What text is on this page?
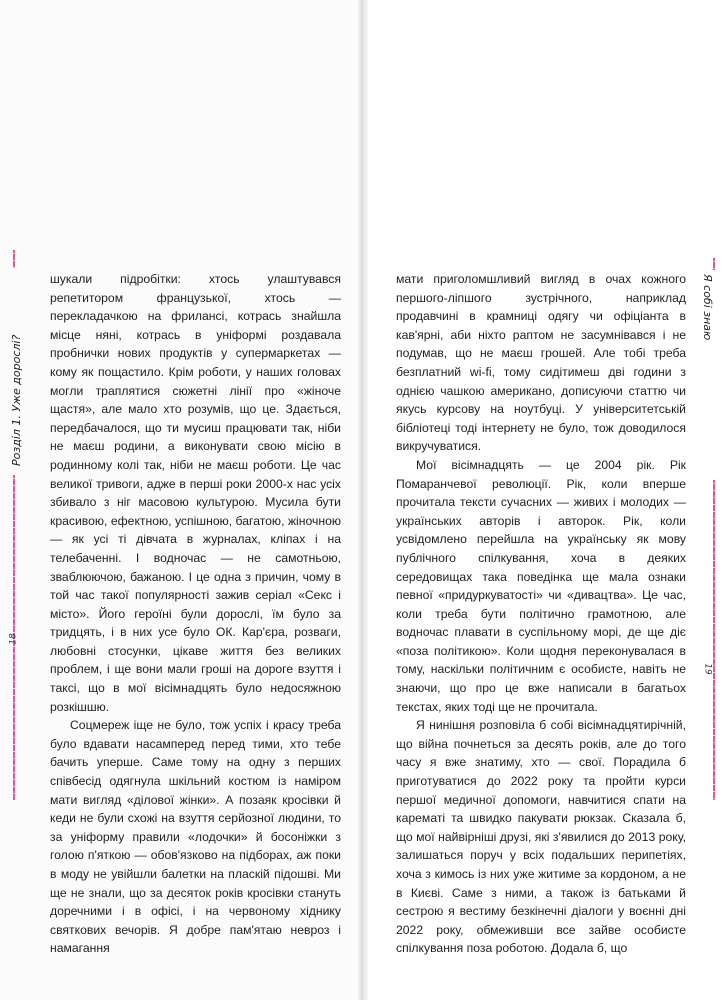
Розділ 1. Уже дорослі?
Я собі знаю
18
19

шукали підробітки: хтось улаштувався репетитором французької, хтось — перекладачкою на фрилансі, котрась знайшла місце няні, котрась в уніформі роздавала пробнички нових продуктів у супермаркетах — кому як пощастило. Крім роботи, у наших головах могли траплятися сюжетні лінії про «жіноче щастя», але мало хто розумів, що це. Здається, передбачалося, що ти мусиш працювати так, ніби не маєш родини, а виконувати свою місію в родинному колі так, ніби не маєш роботи. Це час великої тривоги, адже в перші роки 2000-х нас усіх збивало з ніг масовою культурою. Мусила бути красивою, ефектною, успішною, багатою, жіночною — як усі ті дівчата в журналах, кліпах і на телебаченні. І водночас — не самотньою, зваблюючою, бажаною. І це одна з причин, чому в той час такої популярності зажив серіал «Секс і місто». Його героїні були дорослі, їм було за тридцять, і в них усе було ОК. Кар'єра, розваги, любовні стосунки, цікаве життя без великих проблем, і ще вони мали гроші на дороге взуття і таксі, що в мої вісімнадцять було недосяжною розкішшю.

Соцмереж іще не було, тож успіх і красу треба було вдавати насамперед перед тими, хто тебе бачить уперше. Саме тому на одну з перших співбесід одягнула шкільний костюм із наміром мати вигляд «ділової жінки». А позаяк кросівки й кеди не були схожі на взуття серйозної людини, то за уніформу правили «лодочки» й босоніжки з голою п'яткою — обов'язково на підборах, аж поки в моду не увійшли балетки на пласкій підошві. Ми ще не знали, що за десяток років кросівки стануть доречними і в офісі, і на червоному хіднику святкових вечорів. Я добре пам'ятаю невроз і намагання

мати приголомшливий вигляд в очах кожного першого-ліпшого зустрічного, наприклад продавчині в крамниці одягу чи офіціанта в кав'ярні, аби ніхто раптом не засумнівався і не подумав, що не маєш грошей. Але тобі треба безплатний wi-fi, тому сидітимеш дві години з однією чашкою американо, дописуючи статтю чи якусь курсову на ноутбуці. У університетській бібліотеці тоді інтернету не було, тож доводилося викручуватися.

Мої вісімнадцять — це 2004 рік. Рік Помаранчевої революції. Рік, коли вперше прочитала тексти сучасних — живих і молодих — українських авторів і авторок. Рік, коли усвідомлено перейшла на українську як мову публічного спілкування, хоча в деяких середовищах така поведінка ще мала ознаки певної «придуркуватості» чи «дивацтва». Це час, коли треба бути політично грамотною, але водночас плавати в суспільному морі, де ще діє «поза політикою». Коли щодня переконувалася в тому, наскільки політичним є особисте, навіть не знаючи, що про це вже написали в багатьох текстах, яких тоді ще не прочитала.

Я нинішня розповіла б собі вісімнадцятирічній, що війна почнеться за десять років, але до того часу я вже знатиму, хто — свої. Порадила б приготуватися до 2022 року та пройти курси першої медичної допомоги, навчитися спати на карематі та швидко пакувати рюкзак. Сказала б, що мої найвірніші друзі, які з'явилися до 2013 року, залишаться поруч у всіх подальших перипетіях, хоча з кимось із них уже житиме за кордоном, а не в Києві. Саме з ними, а також із батьками й сестрою я вестиму безкінечні діалоги у воєнні дні 2022 року, обмеживши все зайве особисте спілкування поза роботою. Додала б, що
